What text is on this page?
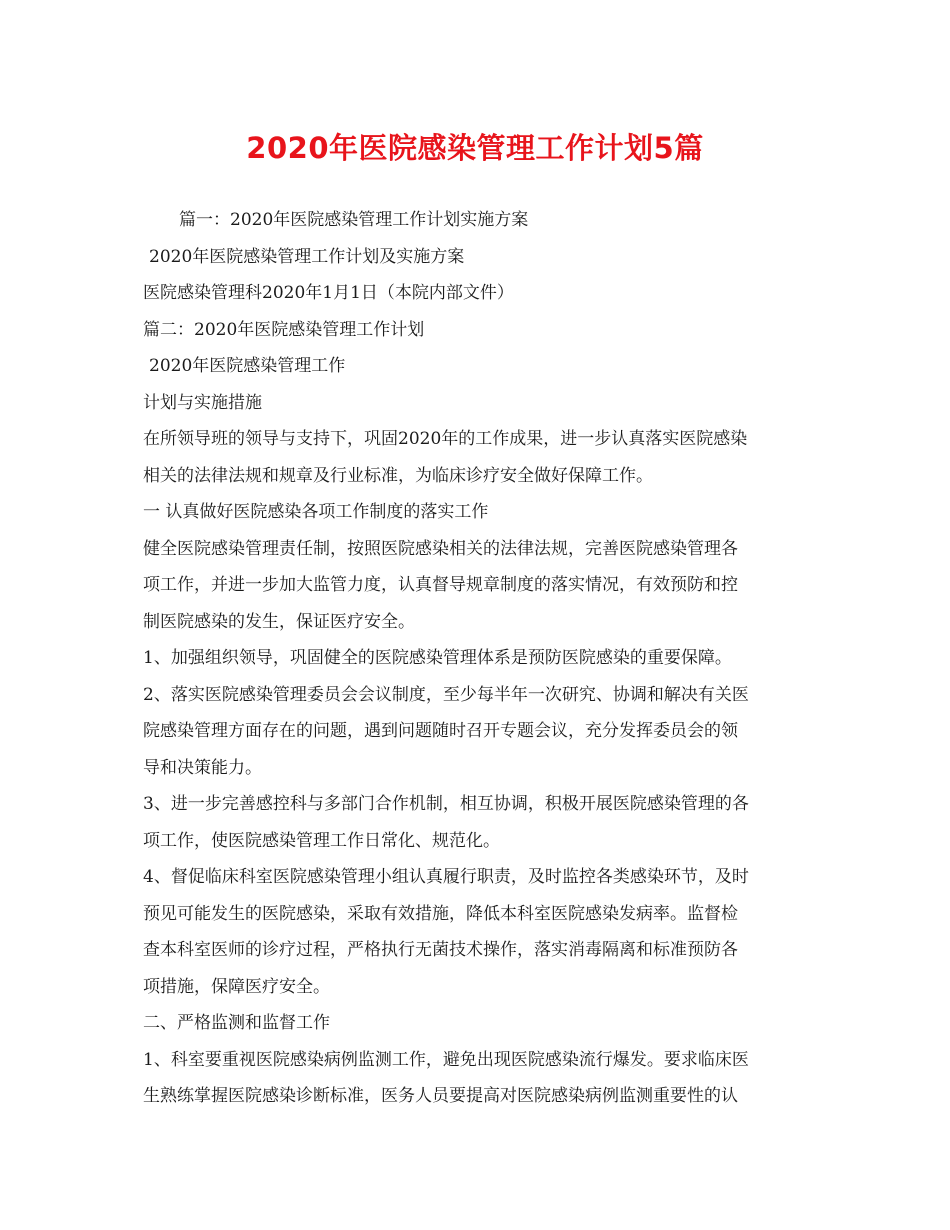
2020年医院感染管理工作计划5篇
篇一：2020年医院感染管理工作计划实施方案
2020年医院感染管理工作计划及实施方案
医院感染管理科2020年1月1日（本院内部文件）
篇二：2020年医院感染管理工作计划
2020年医院感染管理工作
计划与实施措施
在所领导班的领导与支持下，巩固2020年的工作成果，进一步认真落实医院感染
相关的法律法规和规章及行业标准，为临床诊疗安全做好保障工作。
一 认真做好医院感染各项工作制度的落实工作
健全医院感染管理责任制，按照医院感染相关的法律法规，完善医院感染管理各
项工作，并进一步加大监管力度，认真督导规章制度的落实情况，有效预防和控
制医院感染的发生，保证医疗安全。
1、加强组织领导，巩固健全的医院感染管理体系是预防医院感染的重要保障。
2、落实医院感染管理委员会会议制度，至少每半年一次研究、协调和解决有关医
院感染管理方面存在的问题，遇到问题随时召开专题会议，充分发挥委员会的领
导和决策能力。
3、进一步完善感控科与多部门合作机制，相互协调，积极开展医院感染管理的各
项工作，使医院感染管理工作日常化、规范化。
4、督促临床科室医院感染管理小组认真履行职责，及时监控各类感染环节，及时
预见可能发生的医院感染，采取有效措施，降低本科室医院感染发病率。监督检
查本科室医师的诊疗过程，严格执行无菌技术操作，落实消毒隔离和标准预防各
项措施，保障医疗安全。
二、严格监测和监督工作
1、科室要重视医院感染病例监测工作，避免出现医院感染流行爆发。要求临床医
生熟练掌握医院感染诊断标准，医务人员要提高对医院感染病例监测重要性的认
